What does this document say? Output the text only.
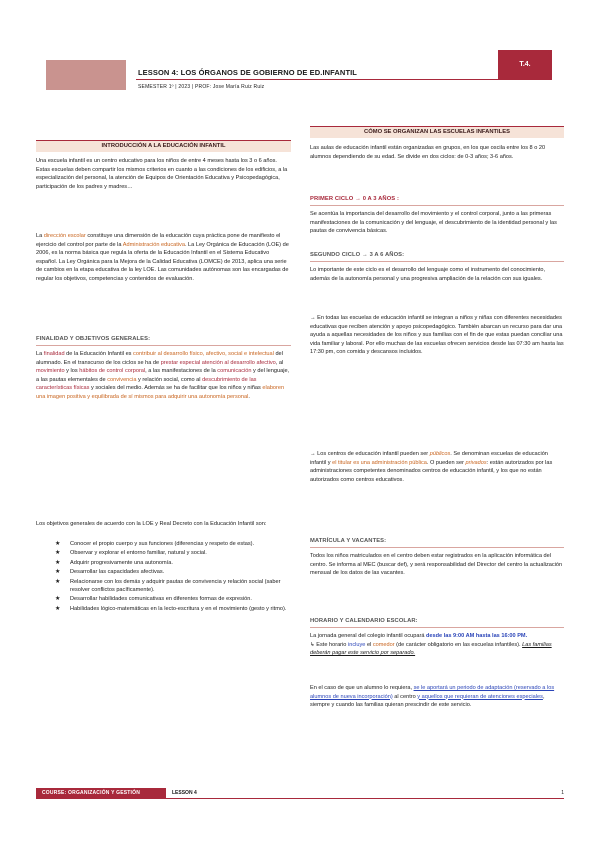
T.4.
LESSON 4: LOS ÓRGANOS DE GOBIERNO DE ED.INFANTIL
SEMESTER 1º | 2023 | PROF: Jose María Ruiz Ruiz
INTRODUCCIÓN A LA EDUCACIÓN INFANTIL
Una escuela infantil es un centro educativo para los niños de entre 4 meses hasta los 3 o 6 años. Estas escuelas deben compartir los mismos criterios en cuanto a las condiciones de los edificios, a la especialización del personal, la atención de Equipos de Orientación Educativa y Psicopedagógica, participación de los padres y madres…
La dirección escolar constituye una dimensión de la educación cuya práctica pone de manifiesto el ejercicio del control por parte de la Administración educativa. La Ley Orgánica de Educación (LOE) de 2006, es la norma básica que regula la oferta de la Educación Infantil en el Sistema Educativo español. La Ley Orgánica para la Mejora de la Calidad Educativa (LOMCE) de 2013, aplica una serie de cambios en la etapa educativa de la ley LOE. Las comunidades autónomas son las encargadas de regular los objetivos, competencias y contenidos de evaluación.
FINALIDAD Y OBJETIVOS GENERALES:
La finalidad de la Educación Infantil es contribuir al desarrollo físico, afectivo, social e intelectual del alumnado. En el transcurso de los ciclos se ha de prestar especial atención al desarrollo afectivo, al movimiento y los hábitos de control corporal, a las manifestaciones de la comunicación y del lenguaje, a las pautas elementales de convivencia y relación social, como al descubrimiento de las características físicas y sociales del medio. Además se ha de facilitar que los niños y niñas elaboren una imagen positiva y equilibrada de sí mismos para adquirir una autonomía personal.
Los objetivos generales de acuerdo con la LOE y Real Decreto con la Educación Infantil son:
★	Conocer el propio cuerpo y sus funciones (diferencias y respeto de estas).
★	Observar y explorar el entorno familiar, natural y social.
★	Adquirir progresivamente una autonomía.
★	Desarrollar las capacidades afectivas.
★	Relacionarse con los demás y adquirir pautas de convivencia y relación social (saber resolver conflictos pacíficamente).
★	Desarrollar habilidades comunicativas en diferentes formas de expresión.
★	Habilidades lógico-matemáticas en la lecto-escritura y en el movimiento (gesto y ritmo).
CÓMO SE ORGANIZAN LAS ESCUELAS INFANTILES
Las aulas de educación infantil están organizadas en grupos, en los que oscila entre los 8 o 20 alumnos dependiendo de su edad. Se divide en dos ciclos: de 0-3 años; 3-6 años.
PRIMER CICLO → 0 A 3 AÑOS :
Se acentúa la importancia del desarrollo del movimiento y el control corporal, junto a las primeras manifestaciones de la comunicación y del lenguaje, el descubrimiento de la identidad personal y las pautas de convivencia básicas.
SEGUNDO CICLO → 3 A 6 AÑOS:
Lo importante de este ciclo es el desarrollo del lenguaje como el instrumento del conocimiento, además de la autonomía personal y una progresiva ampliación de la relación con sus iguales.
→ En todas las escuelas de educación infantil se integran a niños y niñas con diferentes necesidades educativas que reciben atención y apoyo psicopedagógico. También abarcan un recurso para dar una ayuda a aquellas necesidades de los niños y sus familias con el fin de que estas puedan conciliar una vida familiar y laboral. Por ello muchas de las escuelas ofrecen servicios desde las 07:30 am hasta las 17:30 pm, con comida y descansos incluidos.
→ Los centros de educación infantil pueden ser públicos. Se denominan escuelas de educación infantil y el titular es una administración pública. O pueden ser privados: están autorizados por las administraciones competentes denominados centros de educación infantil, y los que no están autorizados como centros educativos.
MATRÍCULA Y VACANTES:
Todos los niños matriculados en el centro deben estar registrados en la aplicación informática del centro. Se informa al MEC (buscar def), y será responsabilidad del Director del centro la actualización mensual de los datos de las vacantes.
HORARIO Y CALENDARIO ESCOLAR:
La jornada general del colegio infantil ocupará desde las 9:00 AM hasta las 16:00 PM.
↳ Este horario incluye el comedor (de carácter obligatorio en las escuelas infantiles). Las familias deberán pagar este servicio por separado.
En el caso de que un alumno lo requiera, se le aportará un periodo de adaptación (reservado a los alumnos de nueva incorporación) al centro y aquellos que requieran de atenciones especiales, siempre y cuando las familias quieran prescindir de este servicio.
COURSE: ORGANIZACIÓN Y GESTIÓN	LESSON 4	1
